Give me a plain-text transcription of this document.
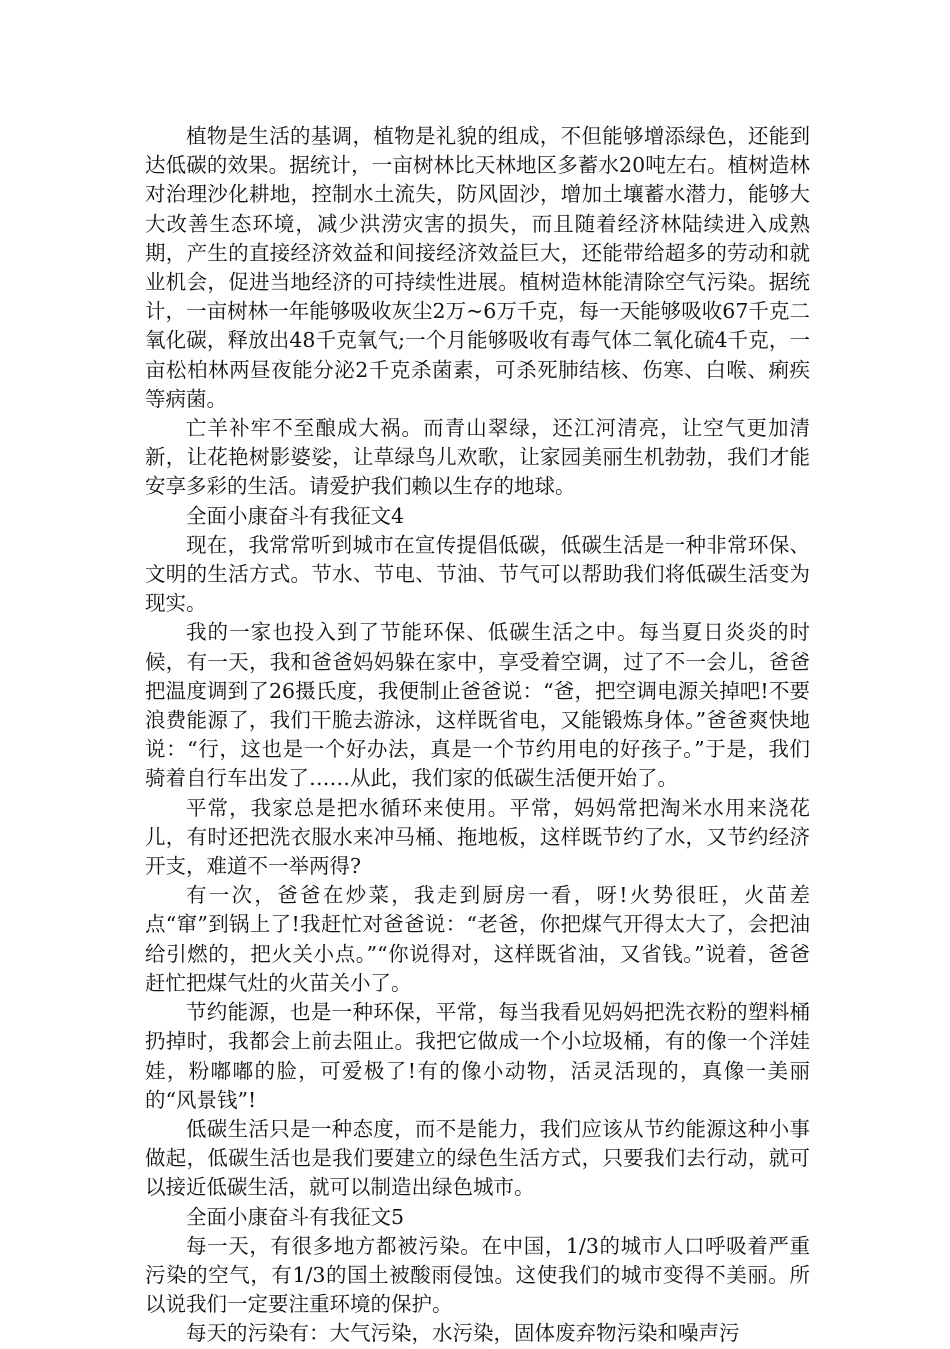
植物是生活的基调，植物是礼貌的组成，不但能够增添绿色，还能到达低碳的效果。据统计，一亩树林比天林地区多蓄水20吨左右。植树造林对治理沙化耕地，控制水土流失，防风固沙，增加土壤蓄水潜力，能够大大改善生态环境，减少洪涝灾害的损失，而且随着经济林陆续进入成熟期，产生的直接经济效益和间接经济效益巨大，还能带给超多的劳动和就业机会，促进当地经济的可持续性进展。植树造林能清除空气污染。据统计，一亩树林一年能够吸收灰尘2万~6万千克，每一天能够吸收67千克二氧化碳，释放出48千克氧气;一个月能够吸收有毒气体二氧化硫4千克，一亩松柏林两昼夜能分泌2千克杀菌素，可杀死肺结核、伤寒、白喉、痢疾等病菌。

亡羊补牢不至酿成大祸。而青山翠绿，还江河清亮，让空气更加清新，让花艳树影婆娑，让草绿鸟儿欢歌，让家园美丽生机勃勃，我们才能安享多彩的生活。请爱护我们赖以生存的地球。

全面小康奋斗有我征文4

现在，我常常听到城市在宣传提倡低碳，低碳生活是一种非常环保、文明的生活方式。节水、节电、节油、节气可以帮助我们将低碳生活变为现实。

我的一家也投入到了节能环保、低碳生活之中。每当夏日炎炎的时候，有一天，我和爸爸妈妈躲在家中，享受着空调，过了不一会儿，爸爸把温度调到了26摄氏度，我便制止爸爸说：“爸，把空调电源关掉吧!不要浪费能源了，我们干脆去游泳，这样既省电，又能锻炼身体。”爸爸爽快地说：“行，这也是一个好办法，真是一个节约用电的好孩子。”于是，我们骑着自行车出发了……从此，我们家的低碳生活便开始了。

平常，我家总是把水循环来使用。平常，妈妈常把淘米水用来浇花儿，有时还把洗衣服水来冲马桶、拖地板，这样既节约了水，又节约经济开支，难道不一举两得?

有一次，爸爸在炒菜，我走到厨房一看，呀!火势很旺，火苗差点“窜”到锅上了!我赶忙对爸爸说：“老爸，你把煤气开得太大了，会把油给引燃的，把火关小点。”“你说得对，这样既省油，又省钱。”说着，爸爸赶忙把煤气灶的火苗关小了。

节约能源，也是一种环保，平常，每当我看见妈妈把洗衣粉的塑料桶扔掉时，我都会上前去阻止。我把它做成一个小垃圾桶，有的像一个洋娃娃，粉嘟嘟的脸，可爱极了!有的像小动物，活灵活现的，真像一美丽的“风景钱”!

低碳生活只是一种态度，而不是能力，我们应该从节约能源这种小事做起，低碳生活也是我们要建立的绿色生活方式，只要我们去行动，就可以接近低碳生活，就可以制造出绿色城市。

全面小康奋斗有我征文5

每一天，有很多地方都被污染。在中国，1/3的城市人口呼吸着严重污染的空气，有1/3的国土被酸雨侵蚀。这使我们的城市变得不美丽。所以说我们一定要注重环境的保护。

每天的污染有：大气污染，水污染，固体废弃物污染和噪声污
